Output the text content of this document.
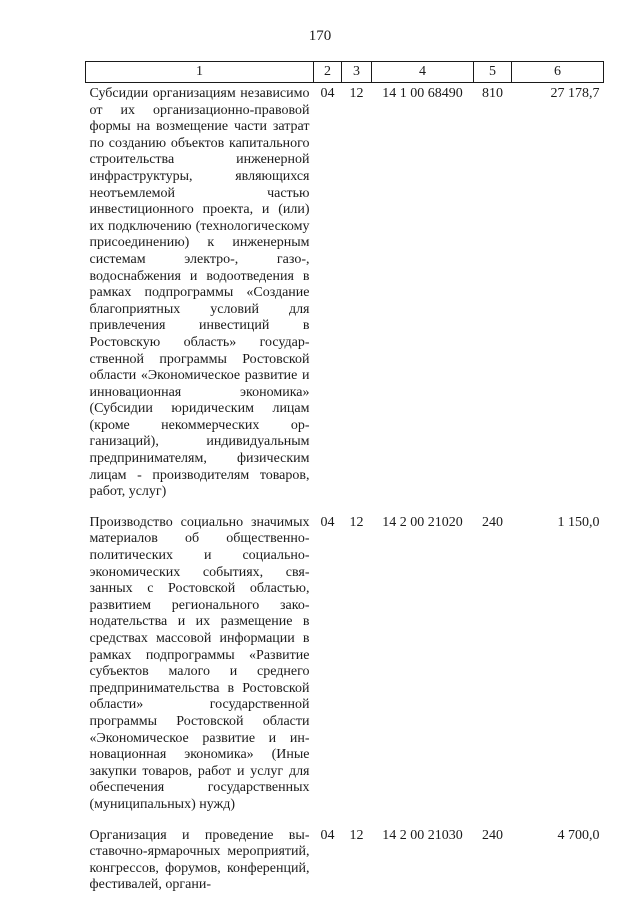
170
1	2	3	4	5	6
Субсидии организациям независимо от их организационно-правовой формы на возмещение части затрат по созданию объектов капитального строительства инженерной инфраструктуры, являющихся неотъемлемой частью инвестиционного проекта, и (или) их подключению (технологическому присоединению) к инженерным системам электро-, газо-, водоснабжения и водоотведения в рамках подпрограммы «Создание благоприятных условий для привлечения инвестиций в Ростовскую область» государственной программы Ростовской области «Экономическое развитие и инновационная экономика» (Субсидии юридическим лицам (кроме некоммерческих организаций), индивидуальным предпринимателям, физическим лицам - производителям товаров, работ, услуг)	04	12	14 1 00 68490	810	27 178,7
Производство социально значимых материалов об общественно-политических и социально-экономических событиях, связанных с Ростовской областью, развитием регионального законодательства и их размещение в средствах массовой информации в рамках подпрограммы «Развитие субъектов малого и среднего предпринимательства в Ростовской области» государственной программы Ростовской области «Экономическое развитие и инновационная экономика» (Иные закупки товаров, работ и услуг для обеспечения государственных (муниципальных) нужд)	04	12	14 2 00 21020	240	1 150,0
Организация и проведение выставочно-ярмарочных мероприятий, конгрессов, форумов, конференций, фестивалей, органи-	04	12	14 2 00 21030	240	4 700,0
